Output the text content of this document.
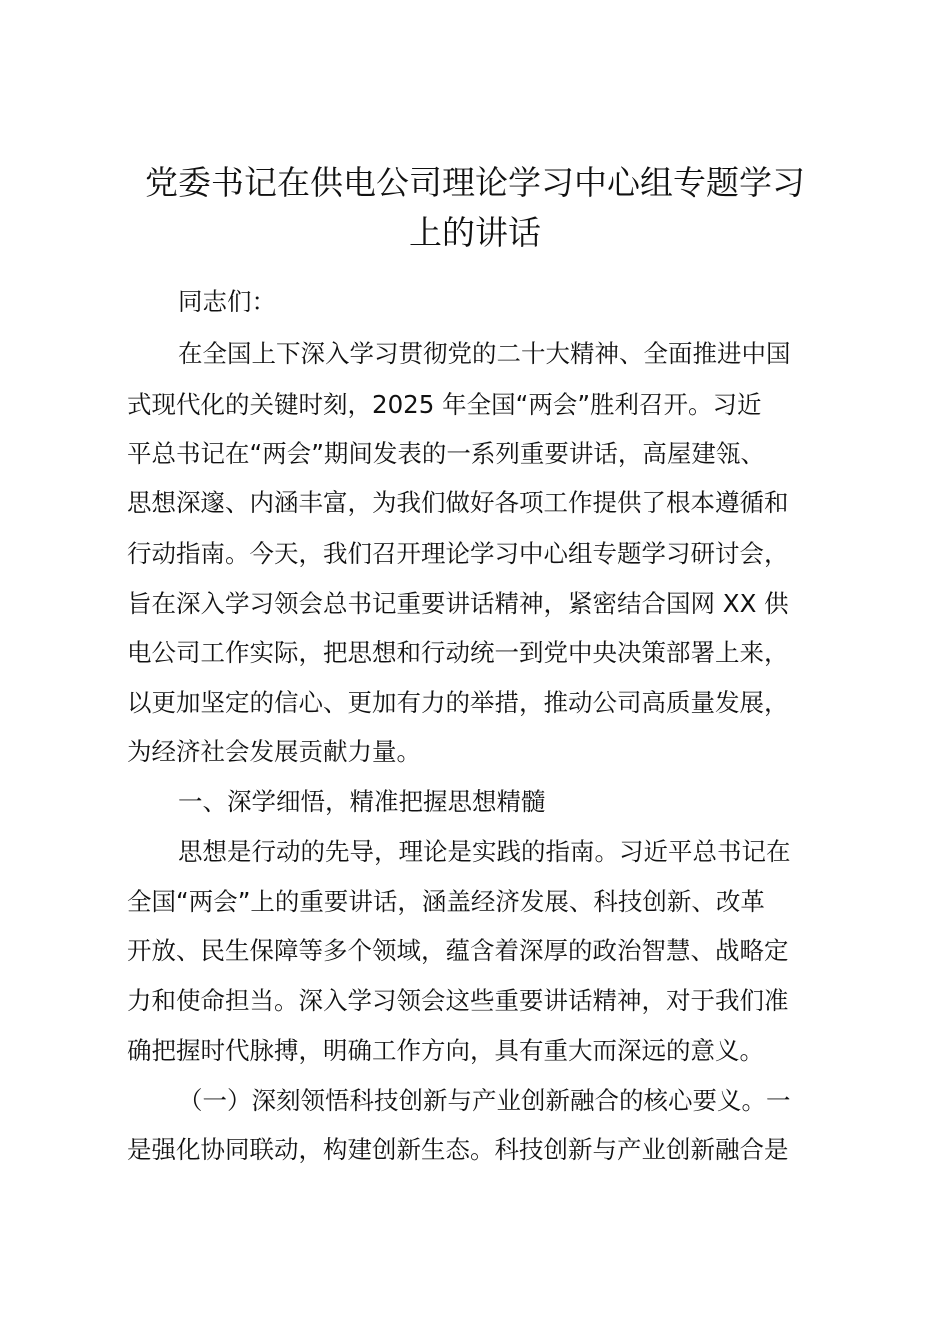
党委书记在供电公司理论学习中心组专题学习
上的讲话

同志们：

在全国上下深入学习贯彻党的二十大精神、全面推进中国

式现代化的关键时刻，2025 年全国“两会”胜利召开。习近

平总书记在“两会”期间发表的一系列重要讲话，高屋建瓴、

思想深邃、内涵丰富，为我们做好各项工作提供了根本遵循和

行动指南。今天，我们召开理论学习中心组专题学习研讨会，

旨在深入学习领会总书记重要讲话精神，紧密结合国网 XX 供

电公司工作实际，把思想和行动统一到党中央决策部署上来，

以更加坚定的信心、更加有力的举措，推动公司高质量发展，

为经济社会发展贡献力量。

一、深学细悟，精准把握思想精髓

思想是行动的先导，理论是实践的指南。习近平总书记在

全国“两会”上的重要讲话，涵盖经济发展、科技创新、改革

开放、民生保障等多个领域，蕴含着深厚的政治智慧、战略定

力和使命担当。深入学习领会这些重要讲话精神，对于我们准

确把握时代脉搏，明确工作方向，具有重大而深远的意义。

（一）深刻领悟科技创新与产业创新融合的核心要义。一

是强化协同联动，构建创新生态。科技创新与产业创新融合是
